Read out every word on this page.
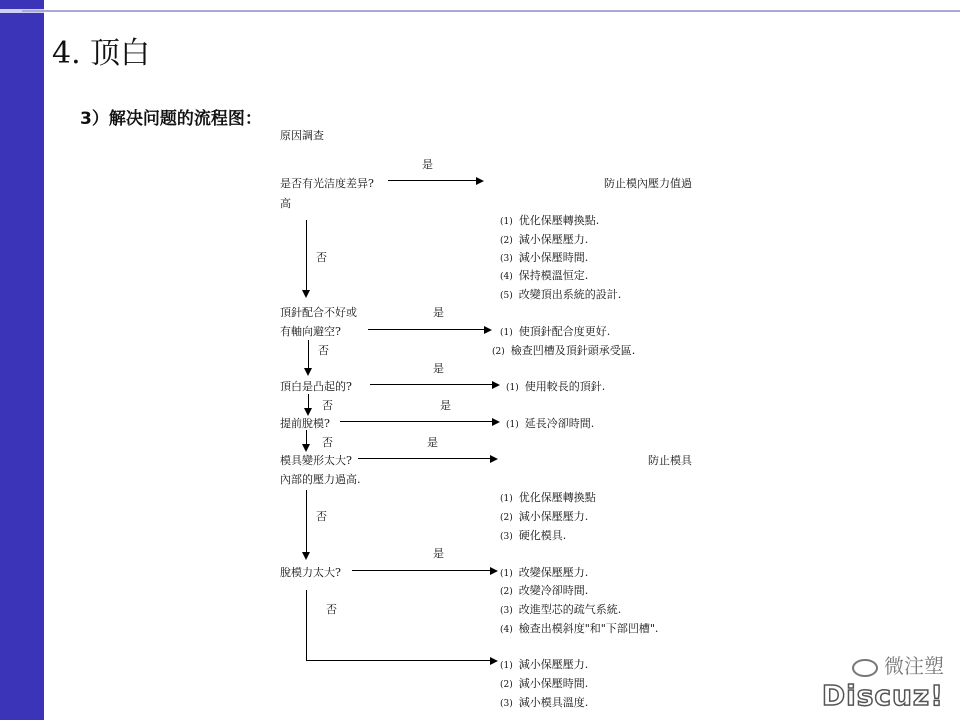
4. 顶白
3）解决问题的流程图：
原因調查
是
是否有光洁度差异?
高
防止模內壓力值過
否
(1) 优化保壓轉換點.
(2) 減小保壓壓力.
(3) 減小保壓時間.
(4) 保持模溫恒定.
(5) 改變頂出系統的設計.
頂針配合不好或	是
有軸向避空?	(1) 使頂針配合度更好.
(2) 檢查凹槽及頂針頭承受區.
否
是
頂白是凸起的?	(1) 使用較長的頂針.
否	是
提前脫模?	(1) 延長冷卻時間.
否	是
模具變形太大?
內部的壓力過高.
防止模具
(1) 优化保壓轉換點
(2) 減小保壓壓力.
(3) 硬化模具.
否
是
脫模力太大?	(1) 改變保壓壓力.
(2) 改變冷卻時間.
(3) 改進型芯的疏气系統.
(4) 檢查出模斜度"和"下部凹槽".
否
(1) 減小保壓壓力.
(2) 減小保壓時間.
(3) 減小模具溫度.
微注塑
Discuz!
